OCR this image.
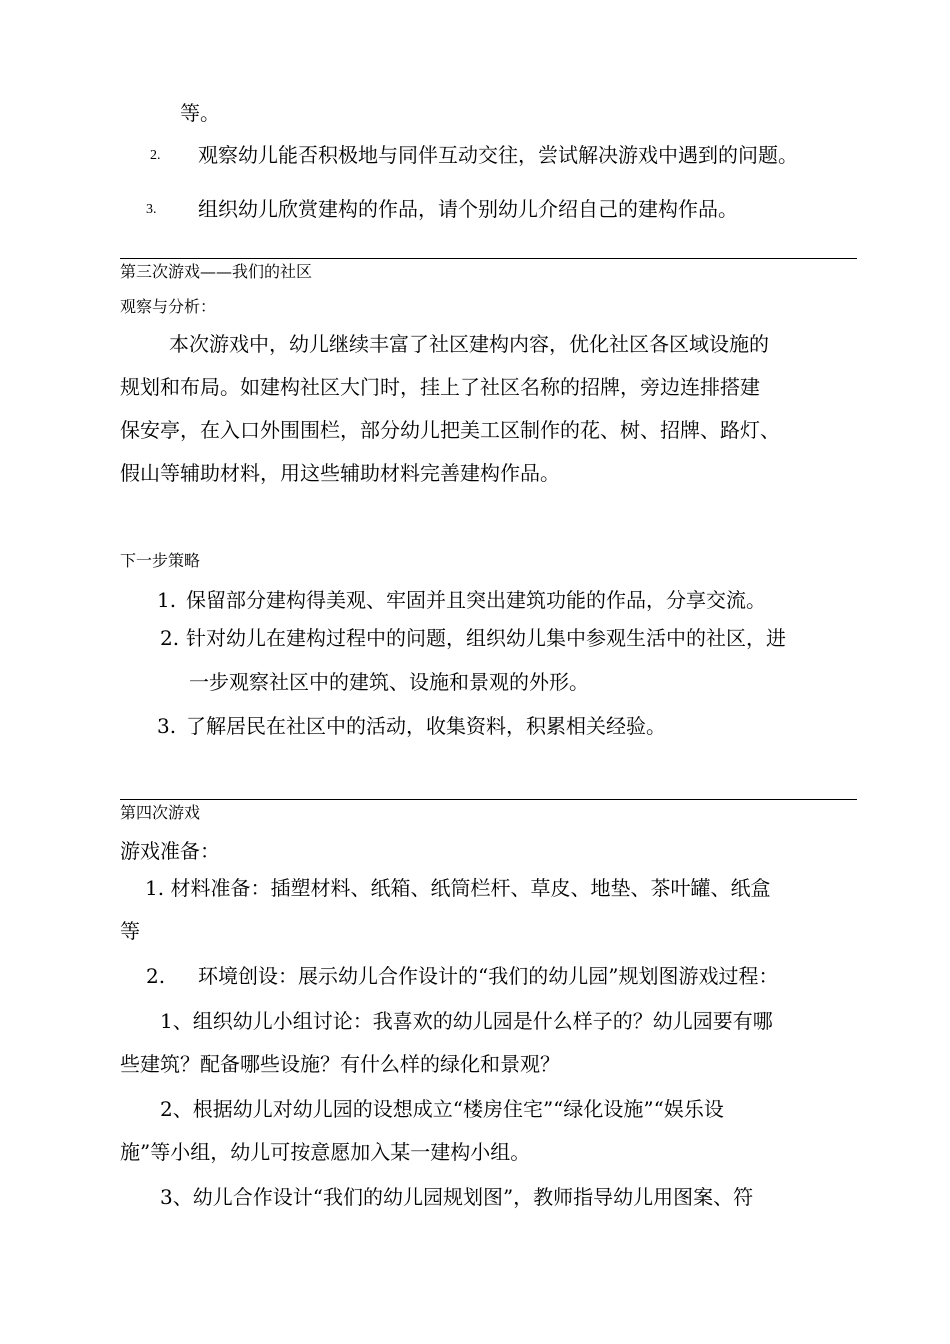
等。
2. 观察幼儿能否积极地与同伴互动交往，尝试解决游戏中遇到的问题。
3. 组织幼儿欣赏建构的作品，请个别幼儿介绍自己的建构作品。
第三次游戏——我们的社区
观察与分析：
本次游戏中，幼儿继续丰富了社区建构内容，优化社区各区域设施的
规划和布局。如建构社区大门时，挂上了社区名称的招牌，旁边连排搭建
保安亭，在入口外围围栏，部分幼儿把美工区制作的花、树、招牌、路灯、
假山等辅助材料，用这些辅助材料完善建构作品。
下一步策略
1. 保留部分建构得美观、牢固并且突出建筑功能的作品，分享交流。
2. 针对幼儿在建构过程中的问题，组织幼儿集中参观生活中的社区，进
一步观察社区中的建筑、设施和景观的外形。
3. 了解居民在社区中的活动，收集资料，积累相关经验。
第四次游戏
游戏准备：
1. 材料准备：插塑材料、纸箱、纸筒栏杆、草皮、地垫、茶叶罐、纸盒
等
2. 环境创设：展示幼儿合作设计的“我们的幼儿园”规划图游戏过程：
1、组织幼儿小组讨论：我喜欢的幼儿园是什么样子的？幼儿园要有哪
些建筑？配备哪些设施？有什么样的绿化和景观？
2、根据幼儿对幼儿园的设想成立“楼房住宅”“绿化设施”“娱乐设
施”等小组，幼儿可按意愿加入某一建构小组。
3、幼儿合作设计“我们的幼儿园规划图”，教师指导幼儿用图案、符
